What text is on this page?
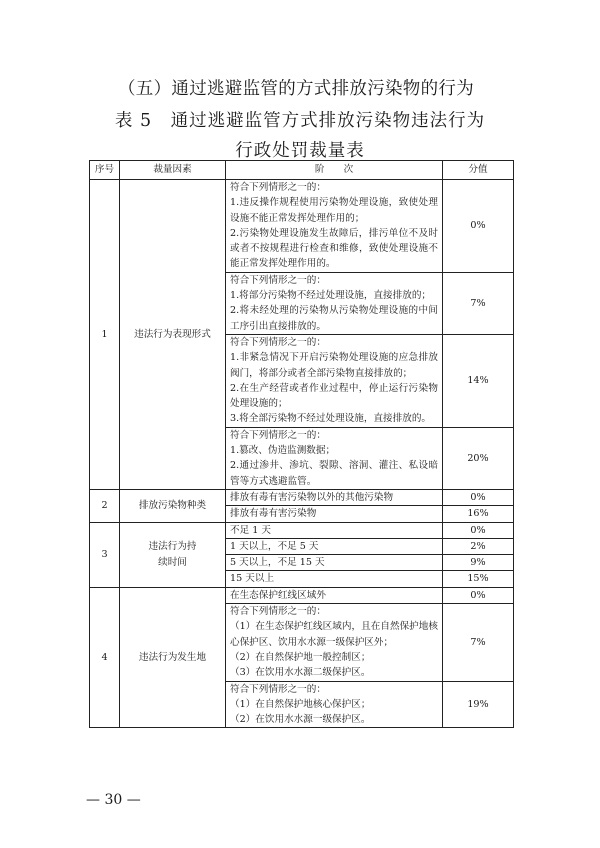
（五）通过逃避监管的方式排放污染物的行为
表 5　通过逃避监管方式排放污染物违法行为
行政处罚裁量表
序号	裁量因素	阶　　次	分值
1	违法行为表现形式	符合下列情形之一的：
1.违反操作规程使用污染物处理设施，致使处理设施不能正常发挥处理作用的；
2.污染物处理设施发生故障后，排污单位不及时或者不按规程进行检查和维修，致使处理设施不能正常发挥处理作用的。	0%

		符合下列情形之一的：
1.将部分污染物不经过处理设施，直接排放的；
2.将未经处理的污染物从污染物处理设施的中间工序引出直接排放的。	7%

		符合下列情形之一的：
1.非紧急情况下开启污染物处理设施的应急排放阀门，将部分或者全部污染物直接排放的；
2.在生产经营或者作业过程中，停止运行污染物处理设施的；
3.将全部污染物不经过处理设施，直接排放的。	14%

		符合下列情形之一的：
1.篡改、伪造监测数据；
2.通过渗井、渗坑、裂隙、溶洞、灌注、私设暗管等方式逃避监管。	20%
2	排放污染物种类	排放有毒有害污染物以外的其他污染物	0%

		排放有毒有害污染物	16%
3	违法行为持续时间	不足 1 天	0%

		1 天以上，不足 5 天	2%

		5 天以上，不足 15 天	9%

		15 天以上	15%
4	违法行为发生地	在生态保护红线区域外	0%

		符合下列情形之一的：
（1）在生态保护红线区域内，且在自然保护地核心保护区、饮用水水源一级保护区外；
（2）在自然保护地一般控制区；
（3）在饮用水水源二级保护区。	7%

		符合下列情形之一的：
（1）在自然保护地核心保护区；
（2）在饮用水水源一级保护区。	19%
— 30 —
